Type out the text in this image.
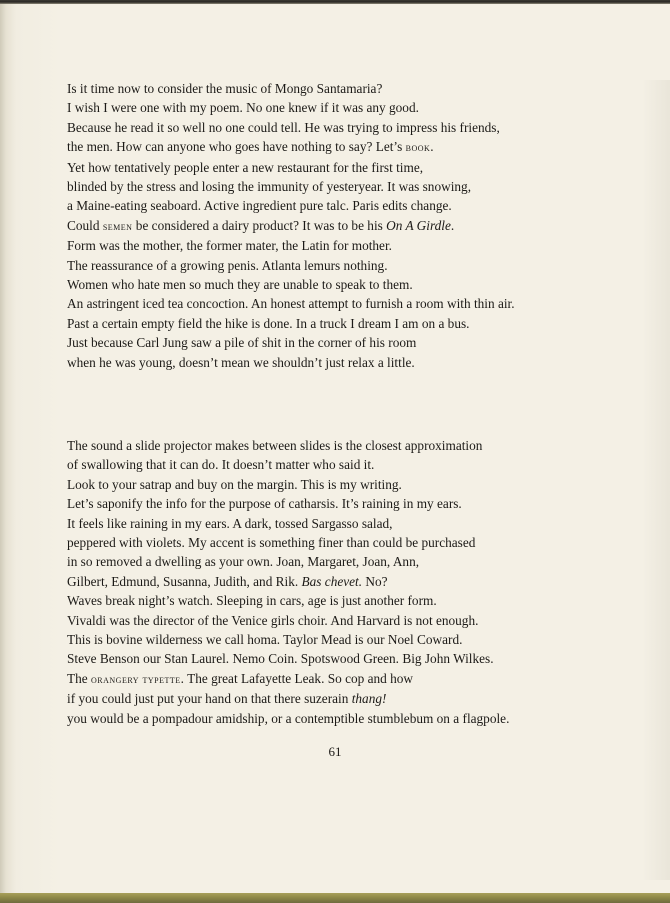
Is it time now to consider the music of Mongo Santamaria?
I wish I were one with my poem. No one knew if it was any good.
Because he read it so well no one could tell. He was trying to impress his friends,
the men. How can anyone who goes have nothing to say? Let’s book.
Yet how tentatively people enter a new restaurant for the first time,
blinded by the stress and losing the immunity of yesteryear. It was snowing,
a Maine-eating seaboard. Active ingredient pure talc. Paris edits change.
Could semen be considered a dairy product? It was to be his On A Girdle.
Form was the mother, the former mater, the Latin for mother.
The reassurance of a growing penis. Atlanta lemurs nothing.
Women who hate men so much they are unable to speak to them.
An astringent iced tea concoction. An honest attempt to furnish a room with thin air.
Past a certain empty field the hike is done. In a truck I dream I am on a bus.
Just because Carl Jung saw a pile of shit in the corner of his room
when he was young, doesn’t mean we shouldn’t just relax a little.
The sound a slide projector makes between slides is the closest approximation
of swallowing that it can do. It doesn’t matter who said it.
Look to your satrap and buy on the margin. This is my writing.
Let’s saponify the info for the purpose of catharsis. It’s raining in my ears.
It feels like raining in my ears. A dark, tossed Sargasso salad,
peppered with violets. My accent is something finer than could be purchased
in so removed a dwelling as your own. Joan, Margaret, Joan, Ann,
Gilbert, Edmund, Susanna, Judith, and Rik. Bas chevet. No?
Waves break night’s watch. Sleeping in cars, age is just another form.
Vivaldi was the director of the Venice girls choir. And Harvard is not enough.
This is bovine wilderness we call homa. Taylor Mead is our Noel Coward.
Steve Benson our Stan Laurel. Nemo Coin. Spotswood Green. Big John Wilkes.
The orangery typette. The great Lafayette Leak. So cop and how
if you could just put your hand on that there suzerain thang!
you would be a pompadour amidship, or a contemptible stumblebum on a flagpole.
61
